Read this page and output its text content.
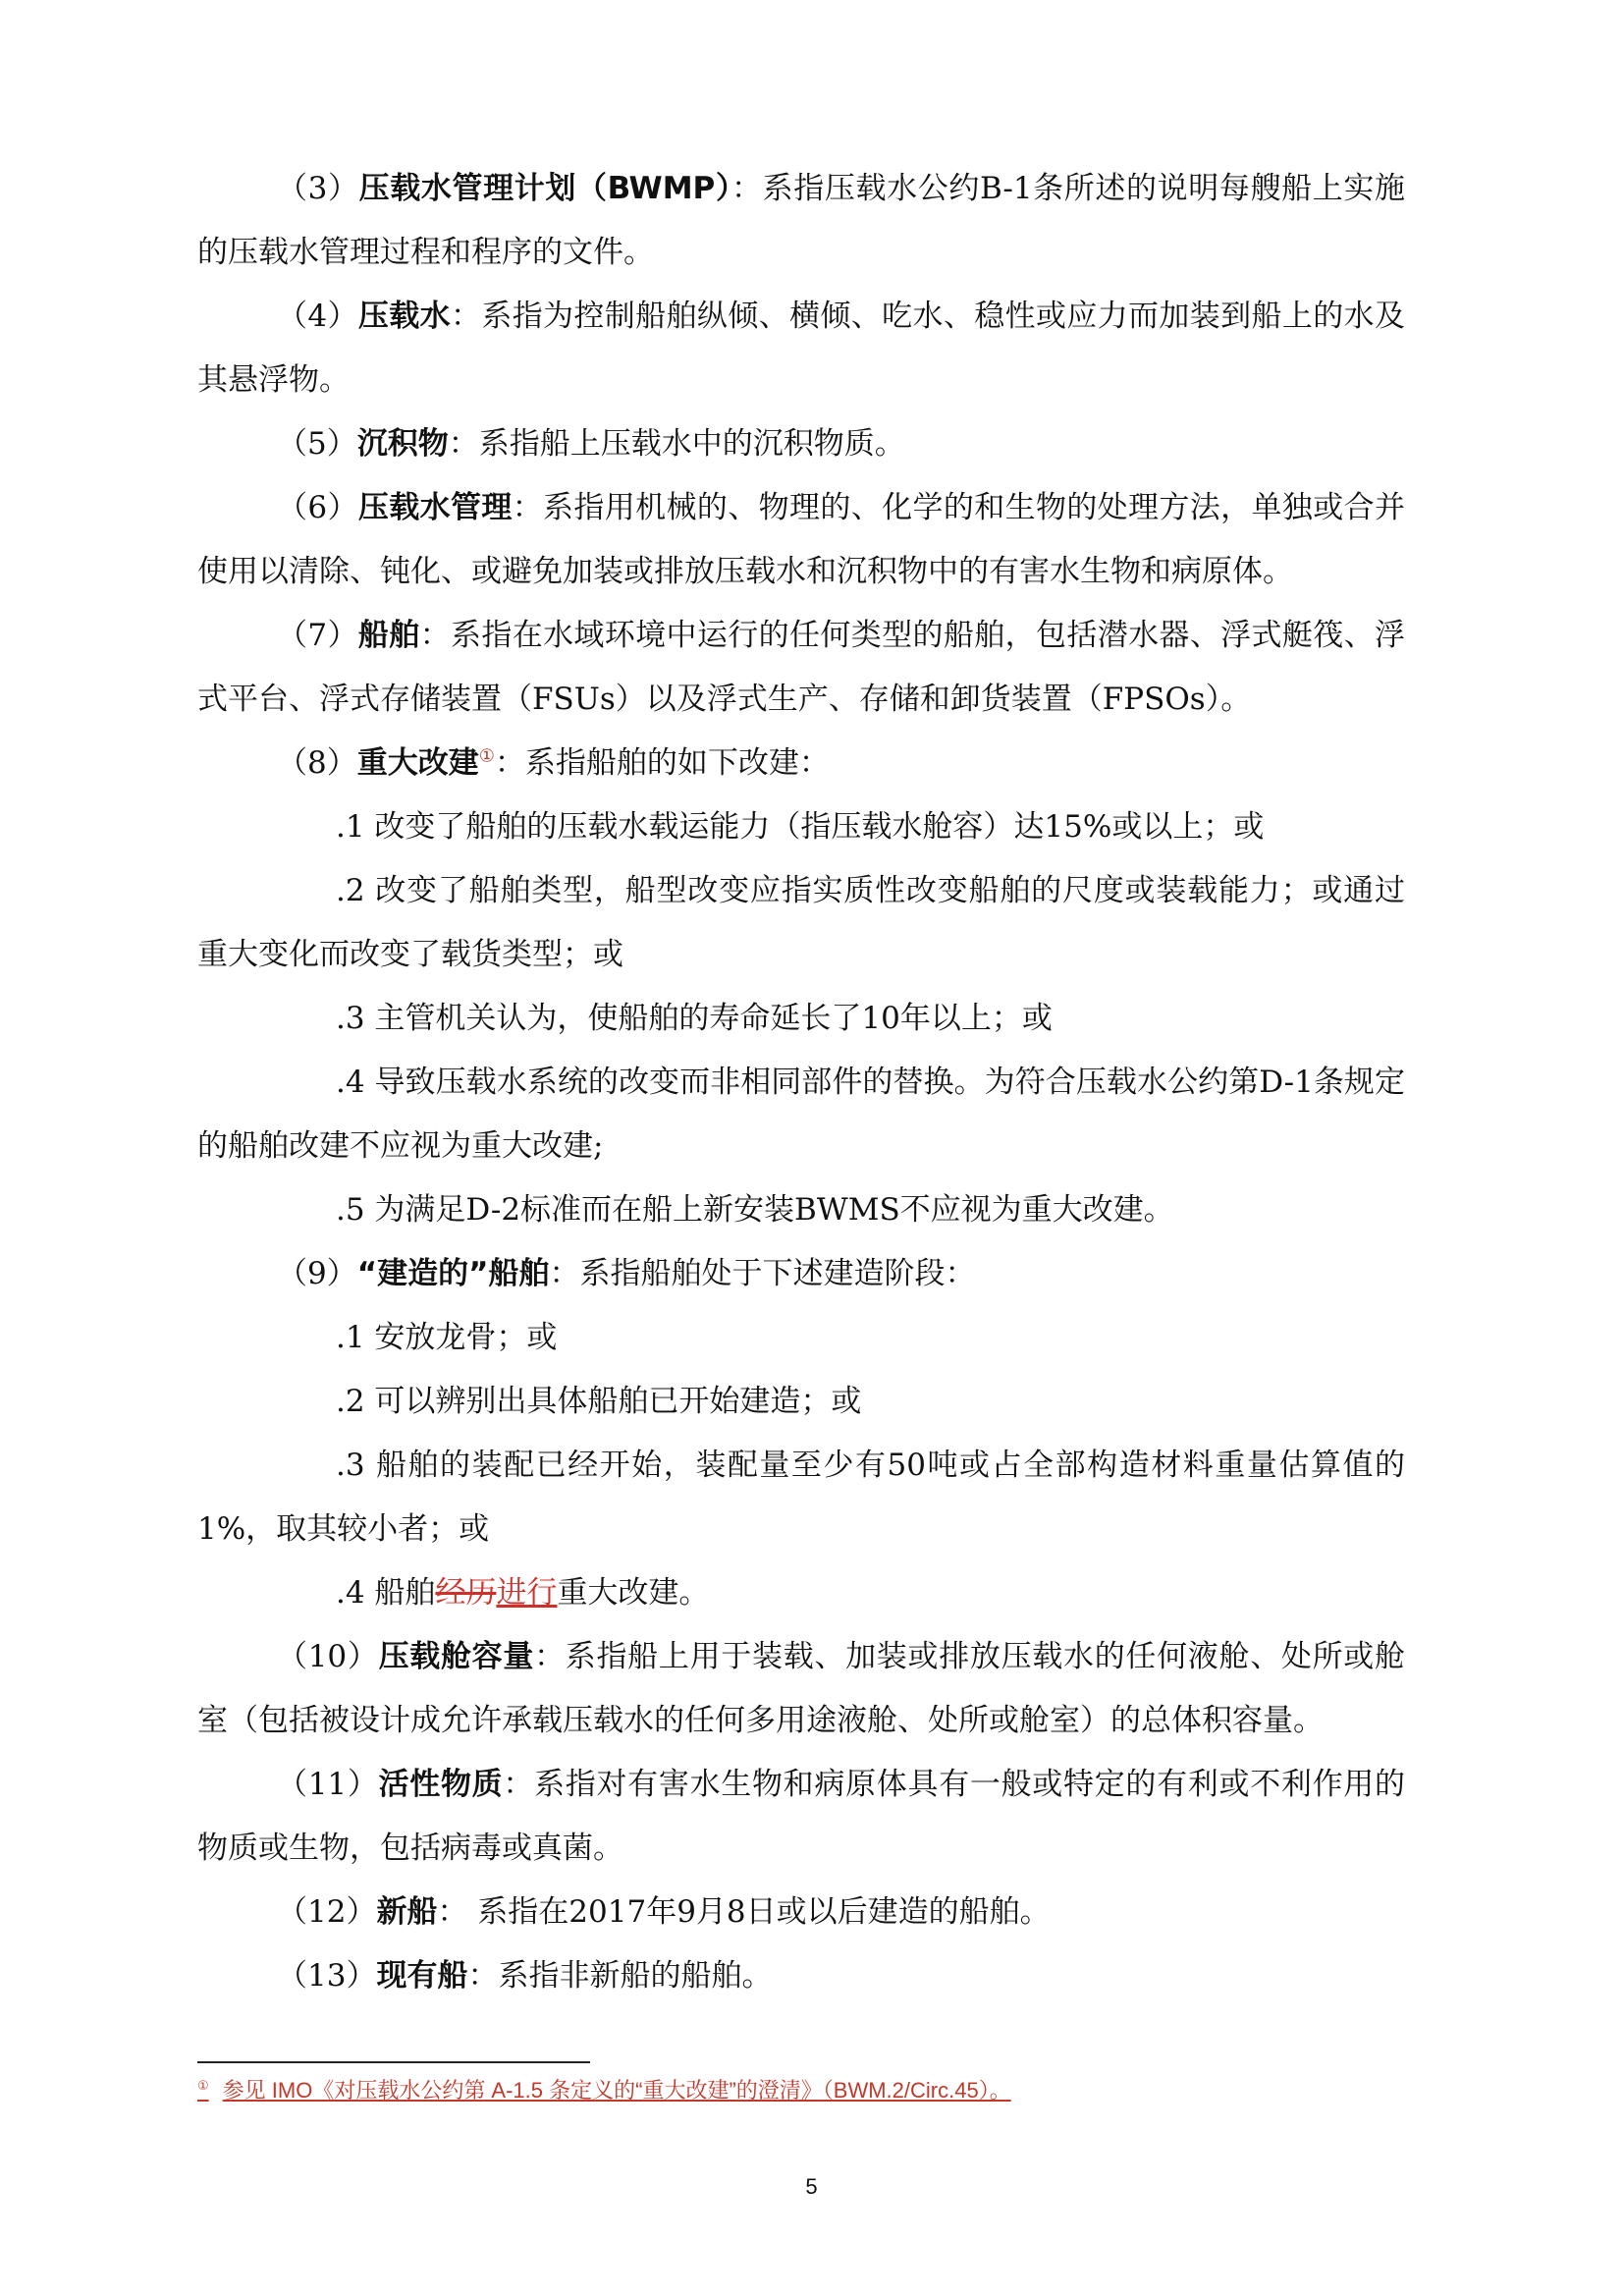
（3）压载水管理计划（BWMP）：系指压载水公约B-1条所述的说明每艘船上实施的压载水管理过程和程序的文件。

（4）压载水：系指为控制船舶纵倾、横倾、吃水、稳性或应力而加装到船上的水及其悬浮物。

（5）沉积物：系指船上压载水中的沉积物质。

（6）压载水管理：系指用机械的、物理的、化学的和生物的处理方法，单独或合并使用以清除、钝化、或避免加装或排放压载水和沉积物中的有害水生物和病原体。

（7）船舶：系指在水域环境中运行的任何类型的船舶，包括潜水器、浮式艇筏、浮式平台、浮式存储装置（FSUs）以及浮式生产、存储和卸货装置（FPSOs）。

（8）重大改建①：系指船舶的如下改建：

.1 改变了船舶的压载水载运能力（指压载水舱容）达15%或以上；或

.2 改变了船舶类型，船型改变应指实质性改变船舶的尺度或装载能力；或通过重大变化而改变了载货类型；或

.3 主管机关认为，使船舶的寿命延长了10年以上；或

.4 导致压载水系统的改变而非相同部件的替换。为符合压载水公约第D-1条规定的船舶改建不应视为重大改建;

.5 为满足D-2标准而在船上新安装BWMS不应视为重大改建。

（9）“建造的”船舶：系指船舶处于下述建造阶段：

.1 安放龙骨；或

.2 可以辨别出具体船舶已开始建造；或

.3 船舶的装配已经开始，装配量至少有50吨或占全部构造材料重量估算值的1%，取其较小者；或

.4 船舶经历进行重大改建。

（10）压载舱容量：系指船上用于装载、加装或排放压载水的任何液舱、处所或舱室（包括被设计成允许承载压载水的任何多用途液舱、处所或舱室）的总体积容量。

（11）活性物质：系指对有害水生物和病原体具有一般或特定的有利或不利作用的物质或生物，包括病毒或真菌。

（12）新船： 系指在2017年9月8日或以后建造的船舶。

（13）现有船：系指非新船的船舶。

① 参见 IMO《对压载水公约第 A-1.5 条定义的“重大改建”的澄清》（BWM.2/Circ.45）。
5
